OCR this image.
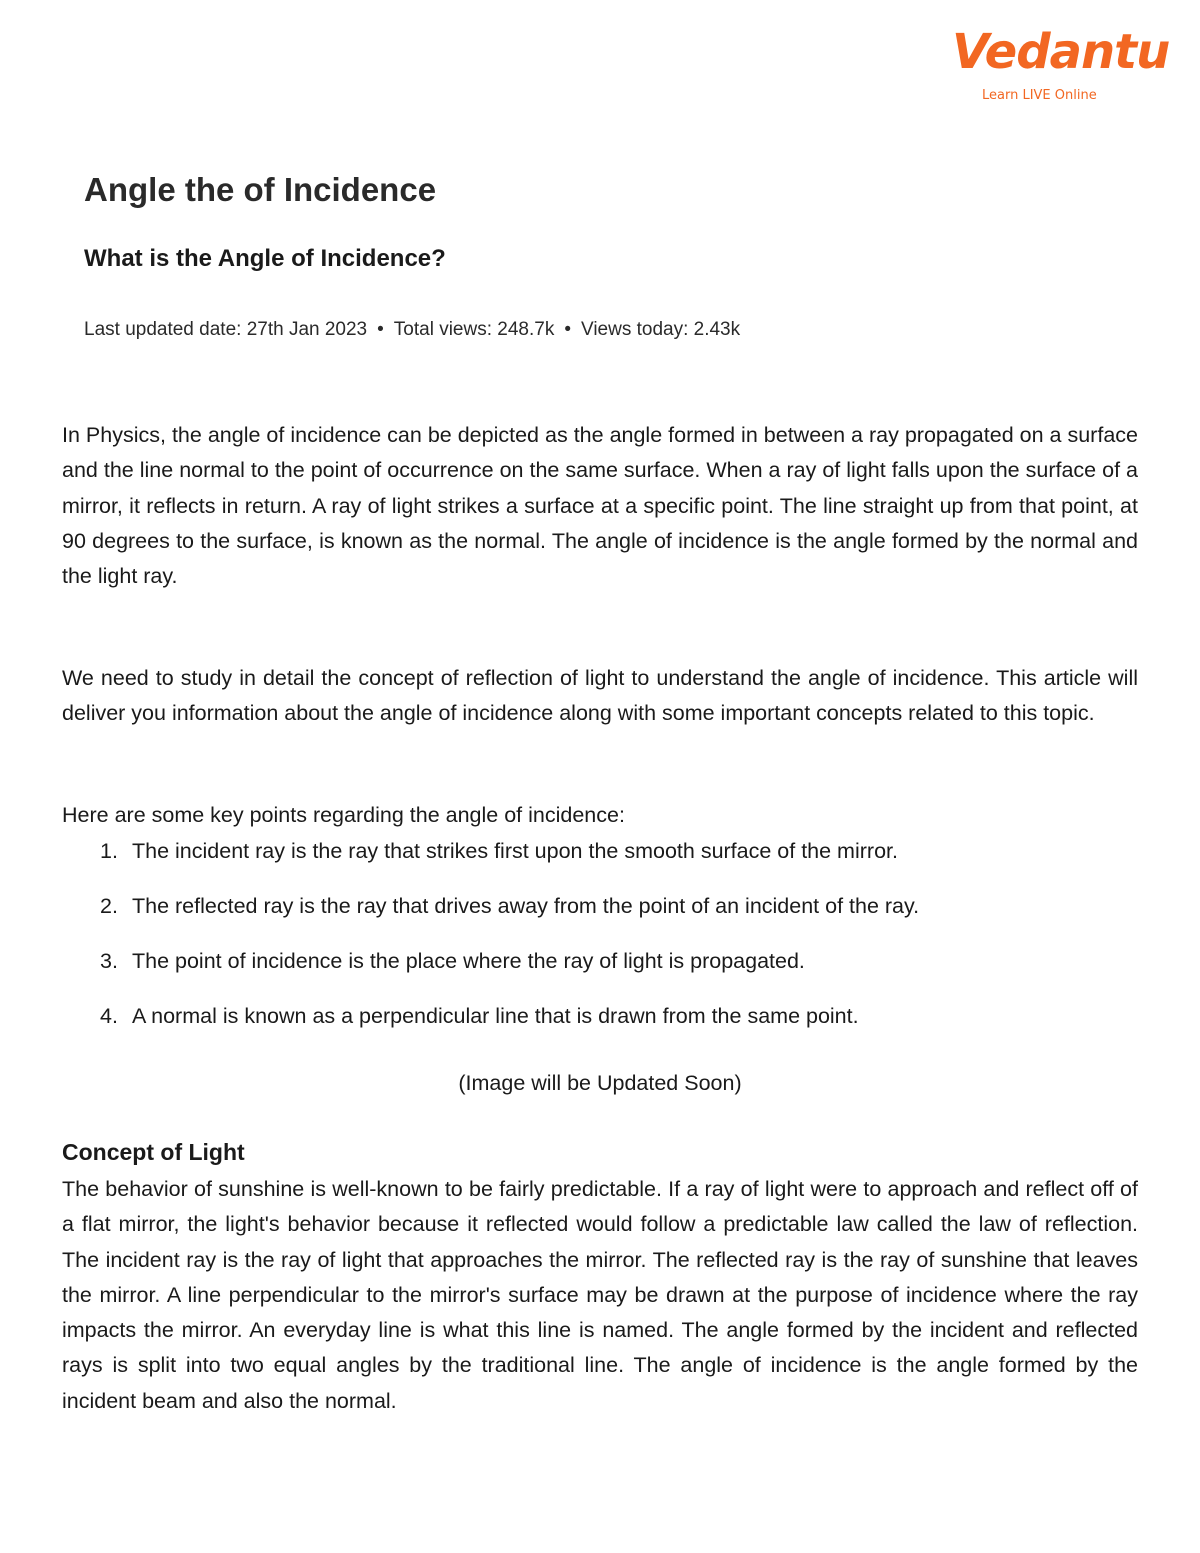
Vedantu
Learn LIVE Online
Angle the of Incidence
What is the Angle of Incidence?
Last updated date: 27th Jan 2023 • Total views: 248.7k • Views today: 2.43k

In Physics, the angle of incidence can be depicted as the angle formed in between a ray propagated on a surface and the line normal to the point of occurrence on the same surface. When a ray of light falls upon the surface of a mirror, it reflects in return. A ray of light strikes a surface at a specific point. The line straight up from that point, at 90 degrees to the surface, is known as the normal. The angle of incidence is the angle formed by the normal and the light ray.

We need to study in detail the concept of reflection of light to understand the angle of incidence. This article will deliver you information about the angle of incidence along with some important concepts related to this topic.

Here are some key points regarding the angle of incidence:

1. The incident ray is the ray that strikes first upon the smooth surface of the mirror.
2. The reflected ray is the ray that drives away from the point of an incident of the ray.
3. The point of incidence is the place where the ray of light is propagated.
4. A normal is known as a perpendicular line that is drawn from the same point.
(Image will be Updated Soon)
Concept of Light

The behavior of sunshine is well-known to be fairly predictable. If a ray of light were to approach and reflect off of a flat mirror, the light's behavior because it reflected would follow a predictable law called the law of reflection. The incident ray is the ray of light that approaches the mirror. The reflected ray is the ray of sunshine that leaves the mirror. A line perpendicular to the mirror's surface may be drawn at the purpose of incidence where the ray impacts the mirror. An everyday line is what this line is named. The angle formed by the incident and reflected rays is split into two equal angles by the traditional line. The angle of incidence is the angle formed by the incident beam and also the normal.
